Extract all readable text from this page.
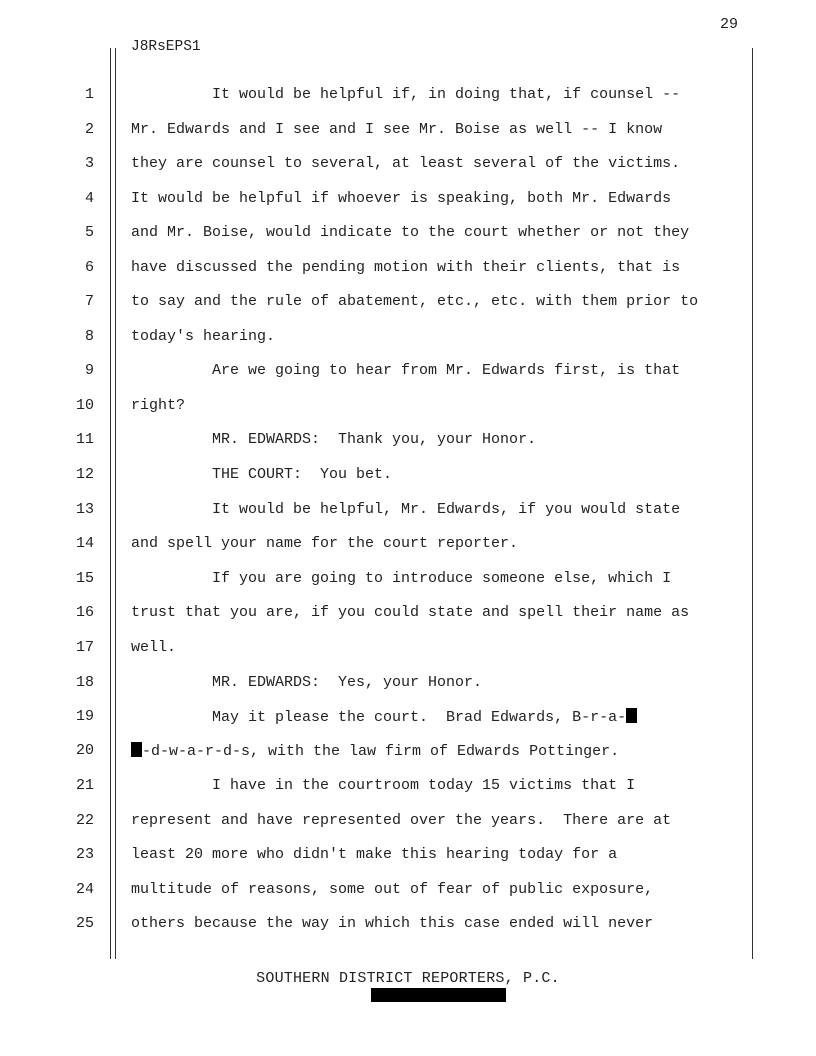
29
J8RsEPS1
1 It would be helpful if, in doing that, if counsel --
2 Mr. Edwards and I see and I see Mr. Boise as well -- I know
3 they are counsel to several, at least several of the victims.
4 It would be helpful if whoever is speaking, both Mr. Edwards
5 and Mr. Boise, would indicate to the court whether or not they
6 have discussed the pending motion with their clients, that is
7 to say and the rule of abatement, etc., etc. with them prior to
8 today's hearing.
9 Are we going to hear from Mr. Edwards first, is that
10 right?
11 MR. EDWARDS:  Thank you, your Honor.
12 THE COURT:  You bet.
13 It would be helpful, Mr. Edwards, if you would state
14 and spell your name for the court reporter.
15 If you are going to introduce someone else, which I
16 trust that you are, if you could state and spell their name as
17 well.
18 MR. EDWARDS:  Yes, your Honor.
19 May it please the court.  Brad Edwards, B-r-a-
20	-d-w-a-r-d-s, with the law firm of Edwards Pottinger.
21 I have in the courtroom today 15 victims that I
22 represent and have represented over the years.  There are at
23 least 20 more who didn't make this hearing today for a
24 multitude of reasons, some out of fear of public exposure,
25 others because the way in which this case ended will never
SOUTHERN DISTRICT REPORTERS, P.C.
